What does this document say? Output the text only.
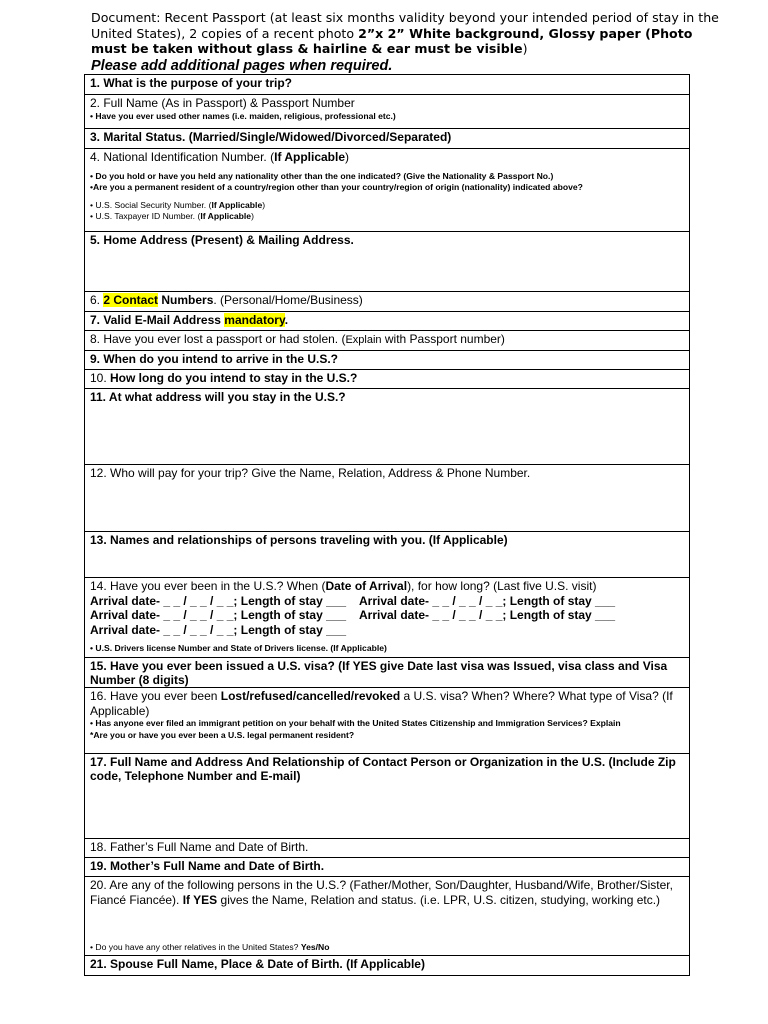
Document: Recent Passport (at least six months validity beyond your intended period of stay in the United States), 2 copies of a recent photo 2”x 2” White background, Glossy paper (Photo must be taken without glass & hairline & ear must be visible)
Please add additional pages when required.
1. What is the purpose of your trip?

2. Full Name (As in Passport) & Passport Number
• Have you ever used other names (i.e. maiden, religious, professional etc.)

3. Marital Status. (Married/Single/Widowed/Divorced/Separated)

4. National Identification Number. (If Applicable)
• Do you hold or have you held any nationality other than the one indicated? (Give the Nationality & Passport No.)
•Are you a permanent resident of a country/region other than your country/region of origin (nationality) indicated above?
• U.S. Social Security Number. (If Applicable)
• U.S. Taxpayer ID Number. (If Applicable)

5. Home Address (Present) & Mailing Address.
6. 2 Contact Numbers. (Personal/Home/Business)
7. Valid E-Mail Address mandatory.
8. Have you ever lost a passport or had stolen. (Explain with Passport number)
9. When do you intend to arrive in the U.S.?
10. How long do you intend to stay in the U.S.?
11. At what address will you stay in the U.S.?
12. Who will pay for your trip? Give the Name, Relation, Address & Phone Number.
13. Names and relationships of persons traveling with you. (If Applicable)

14. Have you ever been in the U.S.? When (Date of Arrival), for how long? (Last five U.S. visit)
Arrival date- _ _ / _ _ / _ _; Length of stay ___    Arrival date- _ _ / _ _ / _ _; Length of stay ___
Arrival date- _ _ / _ _ / _ _; Length of stay ___    Arrival date- _ _ / _ _ / _ _; Length of stay ___
Arrival date- _ _ / _ _ / _ _; Length of stay ___
• U.S. Drivers license Number and State of Drivers license. (If Applicable)

15. Have you ever been issued a U.S. visa? (If YES give Date last visa was Issued, visa class and Visa Number (8 digits)

16. Have you ever been Lost/refused/cancelled/revoked a U.S. visa? When? Where? What type of Visa? (If Applicable)
• Has anyone ever filed an immigrant petition on your behalf with the United States Citizenship and Immigration Services? Explain
*Are you or have you ever been a U.S. legal permanent resident?

17. Full Name and Address And Relationship of Contact Person or Organization in the U.S. (Include Zip code, Telephone Number and E-mail)
18. Father’s Full Name and Date of Birth.
19. Mother’s Full Name and Date of Birth.

20. Are any of the following persons in the U.S.? (Father/Mother, Son/Daughter, Husband/Wife, Brother/Sister, Fiancé Fiancée). If YES gives the Name, Relation and status. (i.e. LPR, U.S. citizen, studying, working etc.)
• Do you have any other relatives in the United States? Yes/No

21. Spouse Full Name, Place & Date of Birth. (If Applicable)
